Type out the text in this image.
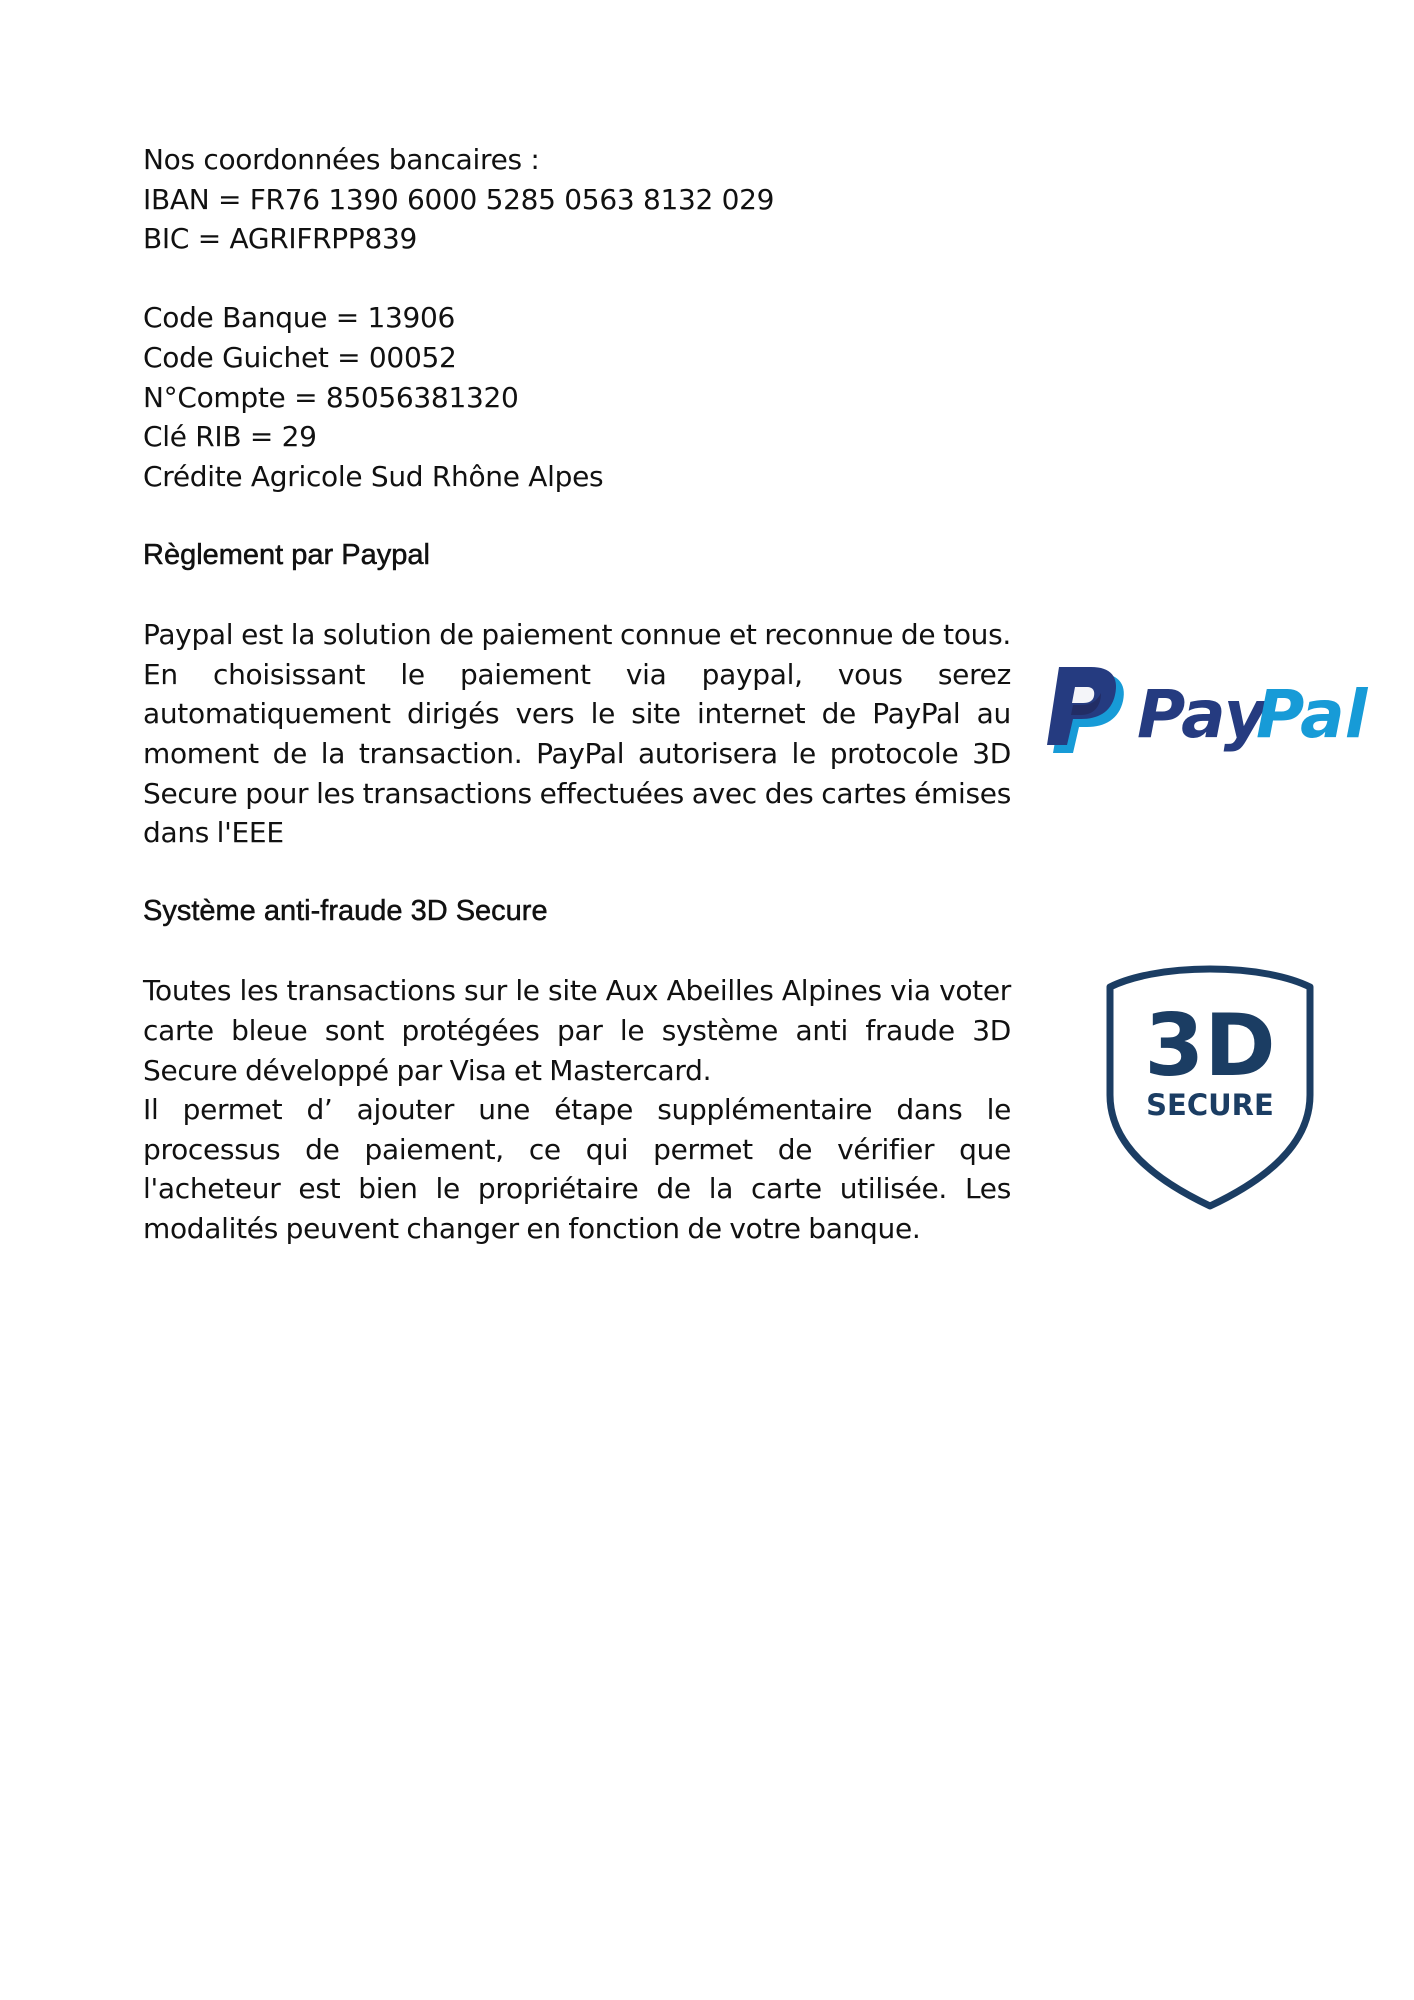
Nos coordonnées bancaires :
IBAN = FR76 1390 6000 5285 0563 8132 029
BIC = AGRIFRPP839
Code Banque = 13906
Code Guichet = 00052
N°Compte = 85056381320
Clé RIB = 29
Crédite Agricole Sud Rhône Alpes
Règlement par Paypal

Paypal est la solution de paiement connue et reconnue de tous. En choisissant le paiement via paypal, vous serez automatiquement dirigés vers le site internet de PayPal au moment de la transaction. PayPal autorisera le protocole 3D Secure pour les transactions effectuées avec des cartes émises dans l'EEE

Système anti-fraude 3D Secure

Toutes les transactions sur le site Aux Abeilles Alpines via voter carte bleue sont protégées par le système anti fraude 3D Secure développé par Visa et Mastercard.

Il permet d’ ajouter une étape supplémentaire dans le processus de paiement, ce qui permet de vérifier que l'acheteur est bien le propriétaire de la carte utilisée. Les modalités peuvent changer en fonction de votre banque.

Pay
Pal
3D
SECURE
